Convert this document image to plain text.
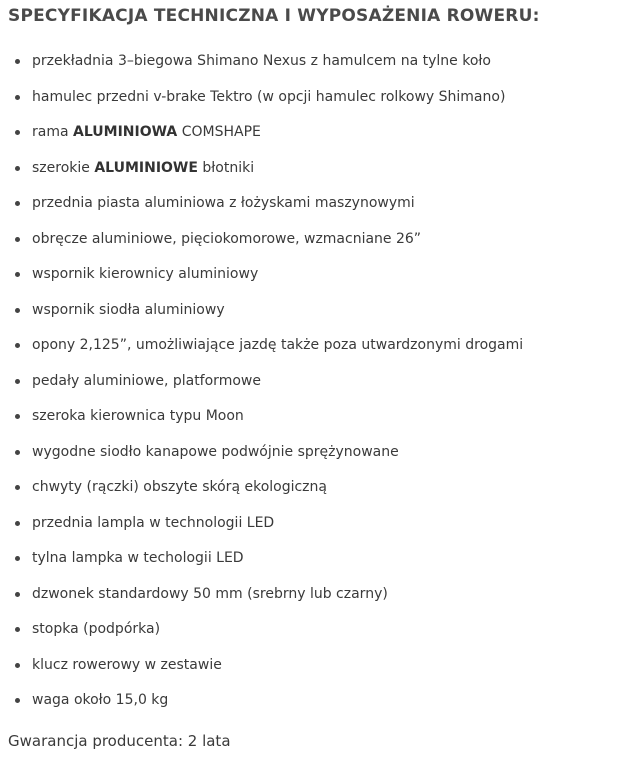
SPECYFIKACJA TECHNICZNA I WYPOSAŻENIA ROWERU:
przekładnia 3–biegowa Shimano Nexus z hamulcem na tylne koło
hamulec przedni v-brake Tektro (w opcji hamulec rolkowy Shimano)
rama ALUMINIOWA COMSHAPE
szerokie ALUMINIOWE błotniki
przednia piasta aluminiowa z łożyskami maszynowymi
obręcze aluminiowe, pięciokomorowe, wzmacniane 26”
wspornik kierownicy aluminiowy
wspornik siodła aluminiowy
opony 2,125”, umożliwiające jazdę także poza utwardzonymi drogami
pedały aluminiowe, platformowe
szeroka kierownica typu Moon
wygodne siodło kanapowe podwójnie sprężynowane
chwyty (rączki) obszyte skórą ekologiczną
przednia lampla w technologii LED
tylna lampka w techologii LED
dzwonek standardowy 50 mm (srebrny lub czarny)
stopka (podpórka)
klucz rowerowy w zestawie
waga około 15,0 kg

Gwarancja producenta: 2 lata
